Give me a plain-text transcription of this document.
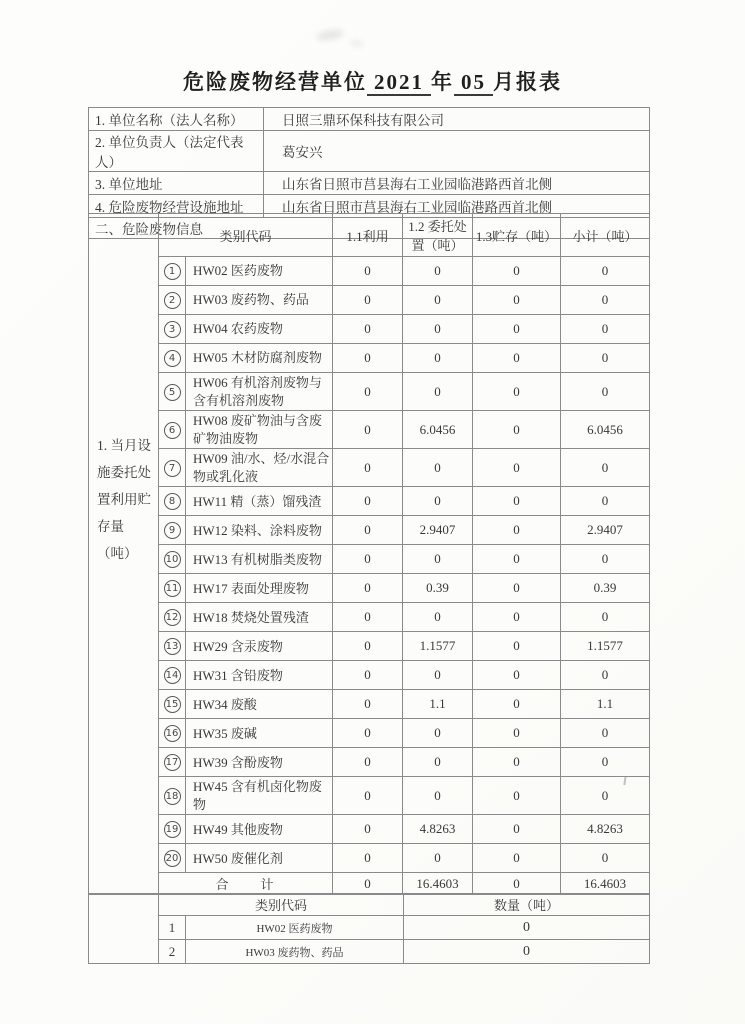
危险废物经营单位 2021 年 05 月报表
1. 单位名称（法人名称）	日照三鼎环保科技有限公司
2. 单位负责人（法定代表人）	葛安兴
3. 单位地址	山东省日照市莒县海右工业园临港路西首北侧
4. 危险废物经营设施地址	山东省日照市莒县海右工业园临港路西首北侧
二、危险废物信息	
1. 当月设施委托处置利用贮存量（吨）	类别代码		1.1利用	1.2 委托处置（吨）	1.3贮存（吨）	小计（吨）
	1	HW02 医药废物	0	0	0	0
	2	HW03 废药物、药品	0	0	0	0
	3	HW04 农药废物	0	0	0	0
	4	HW05 木材防腐剂废物	0	0	0	0
	5	HW06 有机溶剂废物与含有机溶剂废物	0	0	0	0
	6	HW08 废矿物油与含废矿物油废物	0	6.0456	0	6.0456
	7	HW09 油/水、烃/水混合物或乳化液	0	0	0	0
	8	HW11 精（蒸）馏残渣	0	0	0	0
	9	HW12 染料、涂料废物	0	2.9407	0	2.9407
	10	HW13 有机树脂类废物	0	0	0	0
	11	HW17 表面处理废物	0	0.39	0	0.39
	12	HW18 焚烧处置残渣	0	0	0	0
	13	HW29 含汞废物	0	1.1577	0	1.1577
	14	HW31 含铅废物	0	0	0	0
	15	HW34 废酸	0	1.1	0	1.1
	16	HW35 废碱	0	0	0	0
	17	HW39 含酚废物	0	0	0	0
	18	HW45 含有机卤化物废物	0	0	0	0
	19	HW49 其他废物	0	4.8263	0	4.8263
	20	HW50 废催化剂	0	0	0	0
	合　　计		0	16.4603	0	16.4603
	类别代码		数量（吨）
	1	HW02 医药废物	0
	2	HW03 废药物、药品	0
